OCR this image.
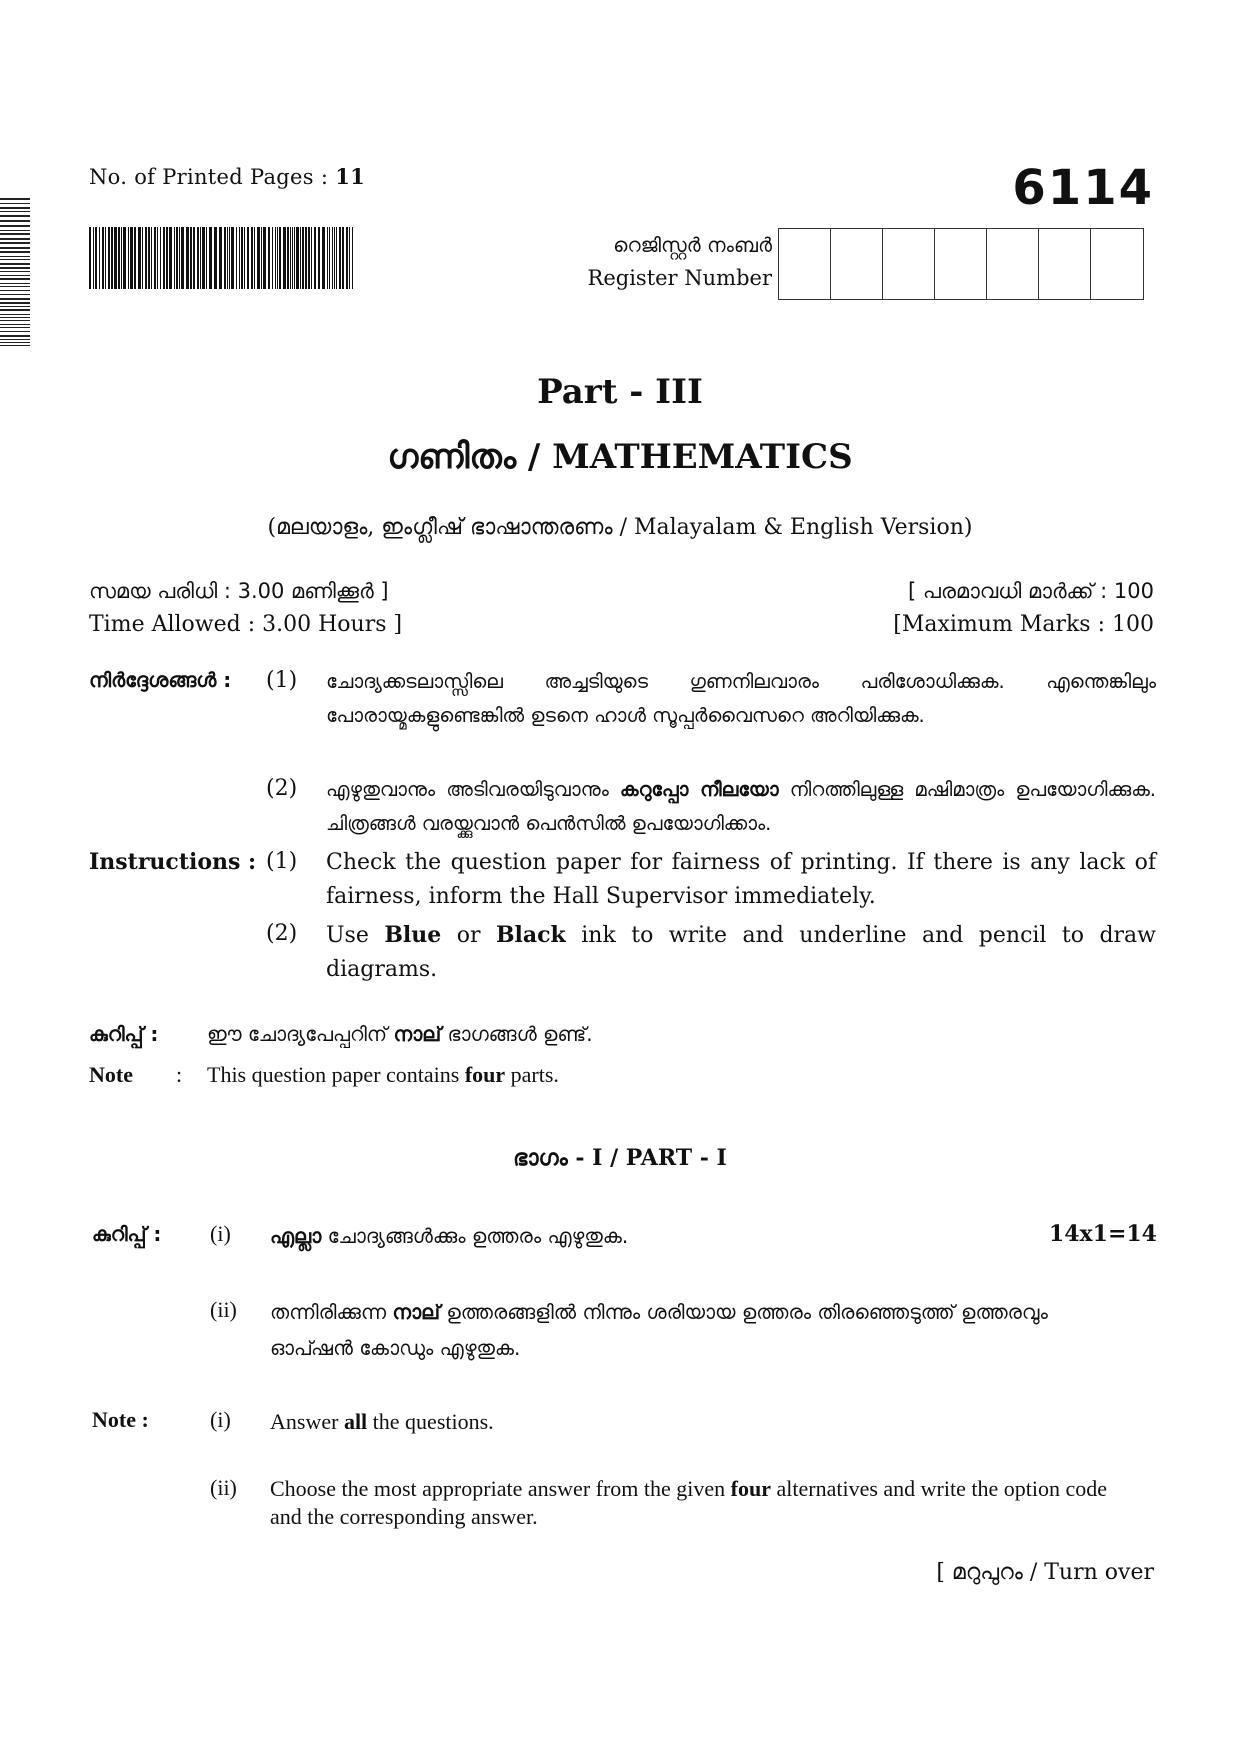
No. of Printed Pages : 11	6114
റെജിസ്റ്റർ നംബർ
Register Number
Part - III
ഗണിതം / MATHEMATICS
(മലയാളം, ഇംഗ്ലീഷ് ഭാഷാന്തരണം / Malayalam & English Version)
സമയ പരിധി : 3.00 മണിക്കൂർ ]
Time Allowed : 3.00 Hours ]
[ പരമാവധി മാർക്ക് : 100
[Maximum Marks : 100
നിർദ്ദേശങ്ങൾ : (1) ചോദ്യക്കടലാസ്സിലെ അച്ചടിയുടെ ഗുണനിലവാരം പരിശോധിക്കുക. എന്തെങ്കിലും പോരായ്മകളുണ്ടെങ്കിൽ ഉടനെ ഹാൾ സൂപ്പർവൈസറെ അറിയിക്കുക.
(2) എഴുതുവാനും അടിവരയിടുവാനും കറുപ്പോ നീലയോ നിറത്തിലുള്ള മഷിമാത്രം ഉപയോഗിക്കുക. ചിത്രങ്ങൾ വരയ്ക്കുവാൻ പെൻസിൽ ഉപയോഗിക്കാം.
Instructions : (1) Check the question paper for fairness of printing. If there is any lack of fairness, inform the Hall Supervisor immediately.
(2) Use Blue or Black ink to write and underline and pencil to draw diagrams.
കുറിപ്പ് : ഈ ചോദ്യപേപ്പറിന് നാല് ഭാഗങ്ങൾ ഉണ്ട്.
Note : This question paper contains four parts.
ഭാഗം - I / PART - I
14x1=14
കുറിപ്പ് : (i) എല്ലാ ചോദ്യങ്ങൾക്കും ഉത്തരം എഴുതുക.
(ii) തന്നിരിക്കുന്ന നാല് ഉത്തരങ്ങളിൽ നിന്നും ശരിയായ ഉത്തരം തിരഞ്ഞെടുത്ത് ഉത്തരവും ഓപ്ഷൻ കോഡും എഴുതുക.
Note :	(i) Answer all the questions.
(ii) Choose the most appropriate answer from the given four alternatives and write the option code and the corresponding answer.
[ മറുപുറം / Turn over
